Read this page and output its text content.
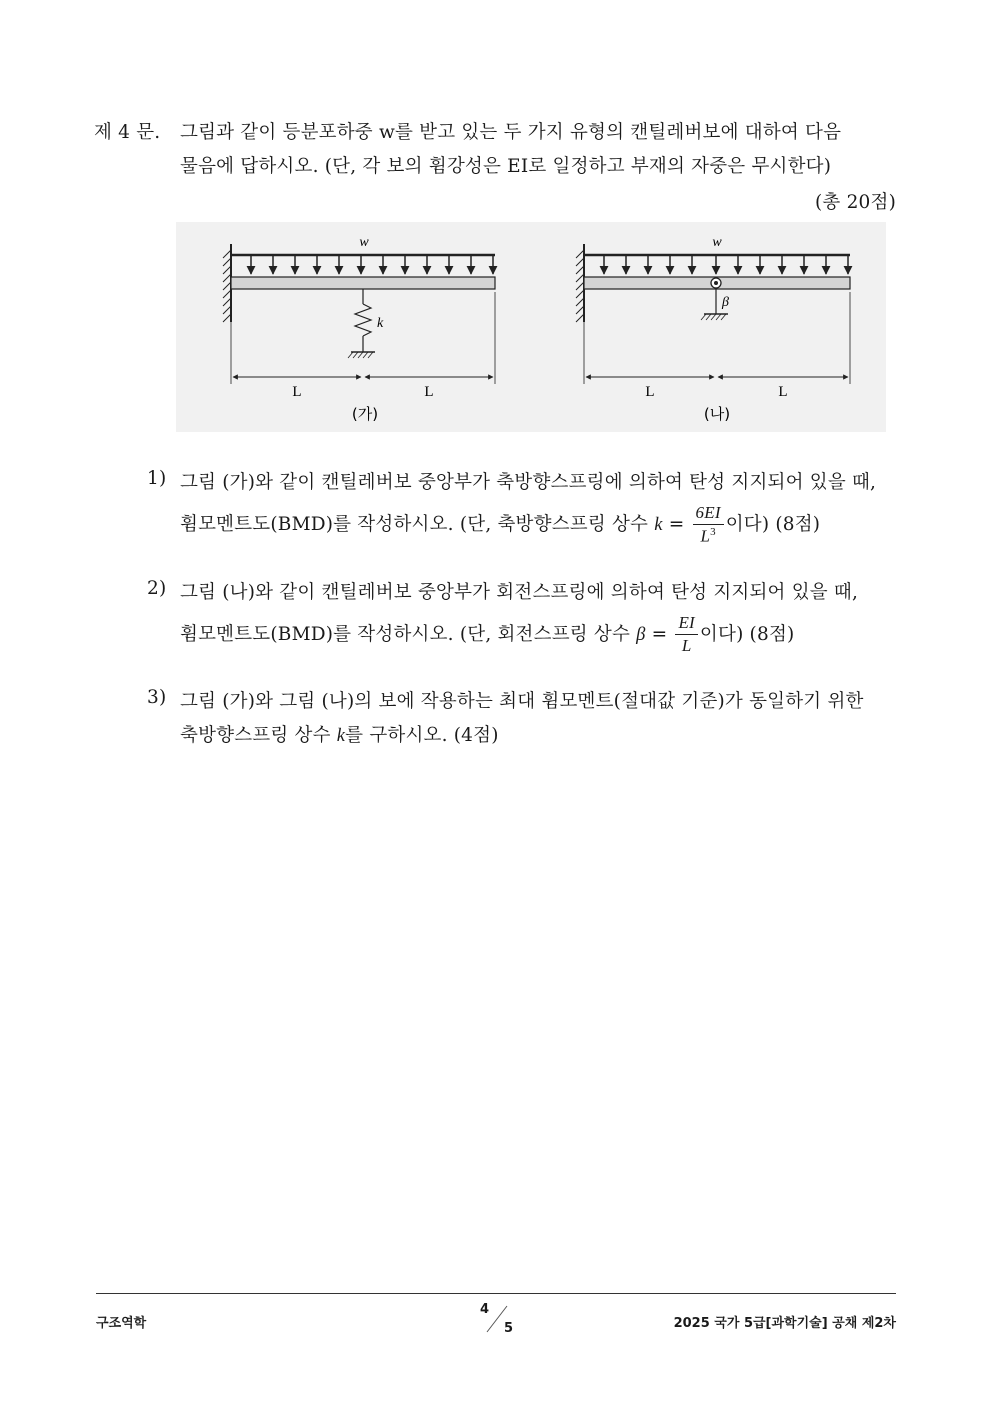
제 4 문. 그림과 같이 등분포하중 w를 받고 있는 두 가지 유형의 캔틸레버보에 대하여 다음
물음에 답하시오. (단, 각 보의 휨강성은 EI로 일정하고 부재의 자중은 무시한다)
(총 20점)
w
k
L	L
(가)
w
β
L	L
(나)
1) 그림 (가)와 같이 캔틸레버보 중앙부가 축방향스프링에 의하여 탄성 지지되어 있을 때,
휨모멘트도(BMD)를 작성하시오. (단, 축방향스프링 상수 $k = \frac{6EI}{L^3}$ 이다) (8점)
2) 그림 (나)와 같이 캔틸레버보 중앙부가 회전스프링에 의하여 탄성 지지되어 있을 때,
휨모멘트도(BMD)를 작성하시오. (단, 회전스프링 상수 $\beta = \frac{EI}{L}$ 이다) (8점)
3) 그림 (가)와 그림 (나)의 보에 작용하는 최대 휨모멘트(절대값 기준)가 동일하기 위한
축방향스프링 상수 k를 구하시오. (4점)
구조역학
4
5	2025 국가 5급[과학기술] 공채 제2차
